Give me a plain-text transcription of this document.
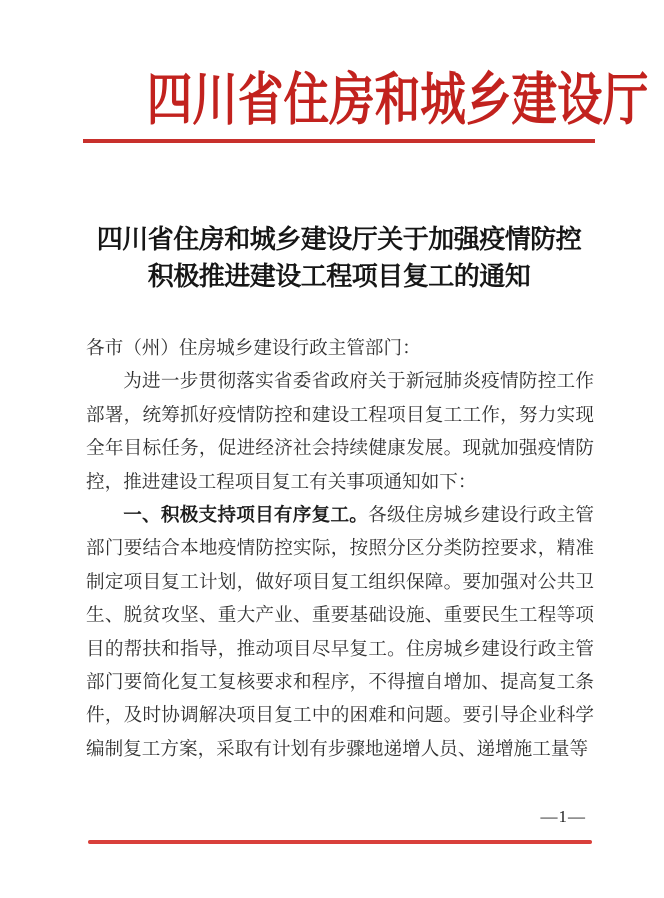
四川省住房和城乡建设厅
四川省住房和城乡建设厅关于加强疫情防控
积极推进建设工程项目复工的通知

各市（州）住房城乡建设行政主管部门：

为进一步贯彻落实省委省政府关于新冠肺炎疫情防控工作部署，统筹抓好疫情防控和建设工程项目复工工作，努力实现全年目标任务，促进经济社会持续健康发展。现就加强疫情防控，推进建设工程项目复工有关事项通知如下：

一、积极支持项目有序复工。各级住房城乡建设行政主管部门要结合本地疫情防控实际，按照分区分类防控要求，精准制定项目复工计划，做好项目复工组织保障。要加强对公共卫生、脱贫攻坚、重大产业、重要基础设施、重要民生工程等项目的帮扶和指导，推动项目尽早复工。住房城乡建设行政主管部门要简化复工复核要求和程序，不得擅自增加、提高复工条件，及时协调解决项目复工中的困难和问题。要引导企业科学编制复工方案，采取有计划有步骤地递增人员、递增施工量等

—1—
